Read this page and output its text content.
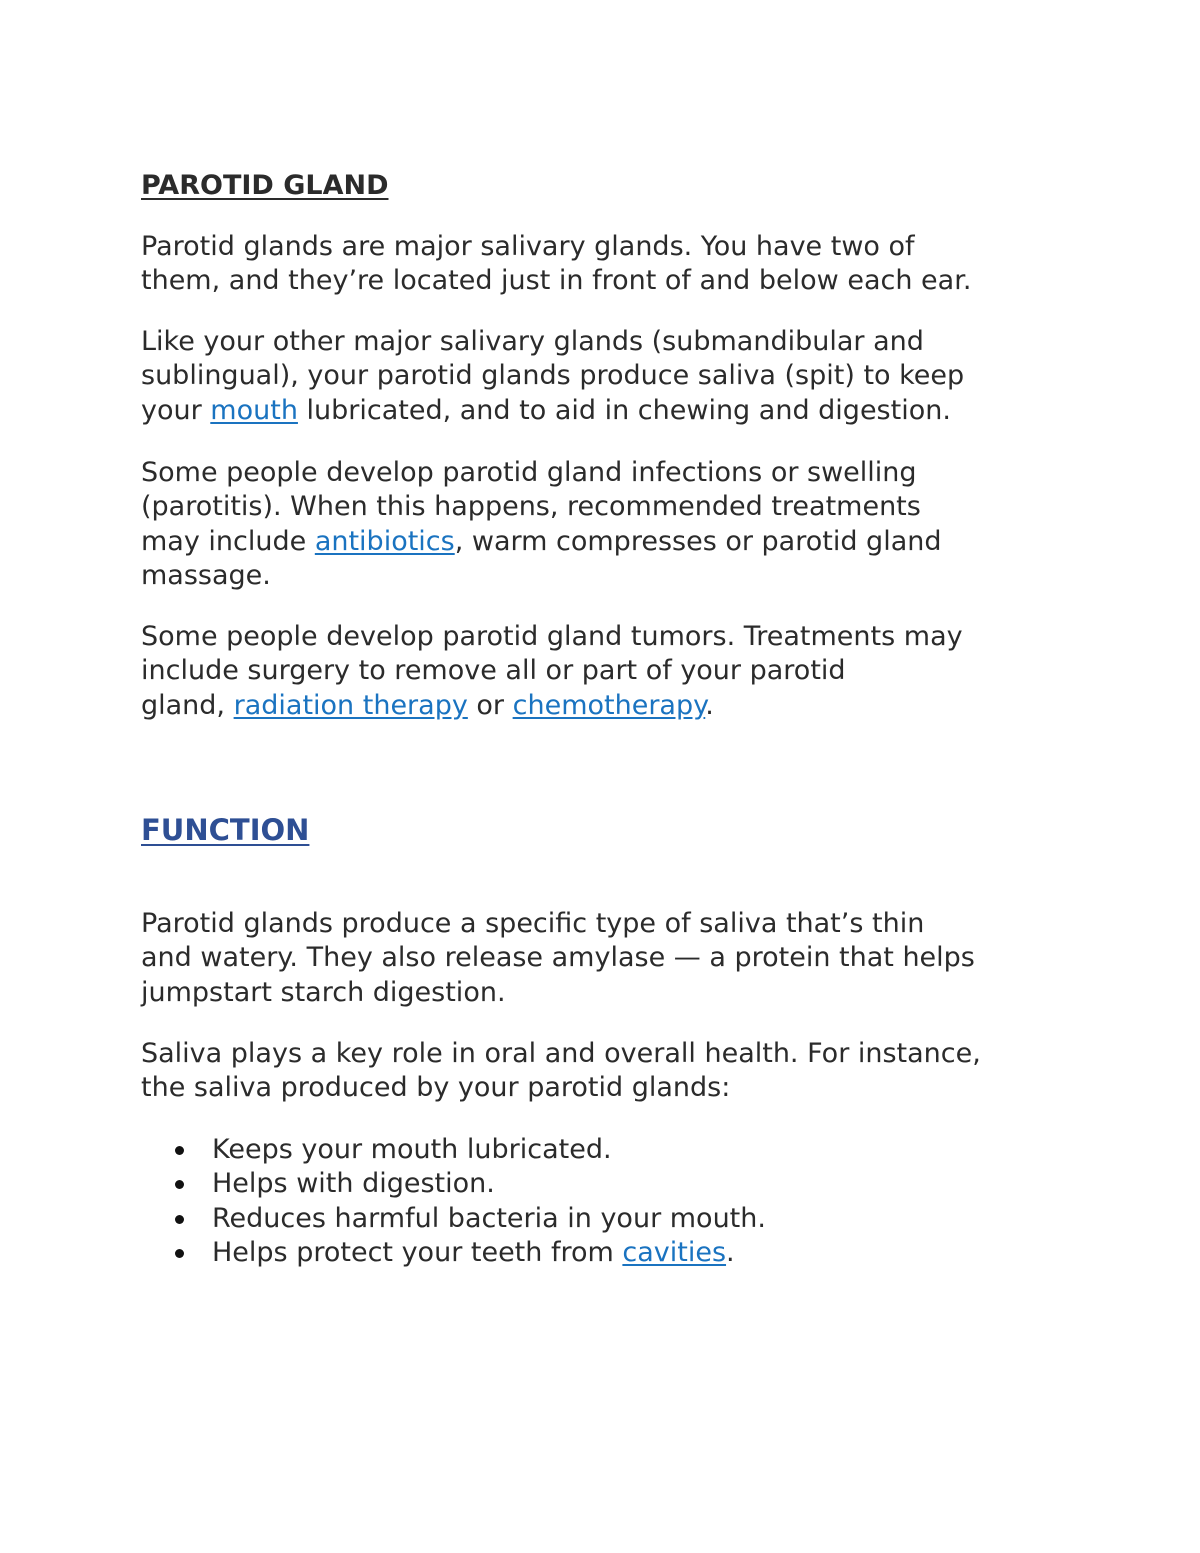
PAROTID GLAND

Parotid glands are major salivary glands. You have two of
them, and they’re located just in front of and below each ear.

Like your other major salivary glands (submandibular and
sublingual), your parotid glands produce saliva (spit) to keep
your mouth lubricated, and to aid in chewing and digestion.

Some people develop parotid gland infections or swelling
(parotitis). When this happens, recommended treatments
may include antibiotics, warm compresses or parotid gland
massage.

Some people develop parotid gland tumors. Treatments may
include surgery to remove all or part of your parotid
gland, radiation therapy or chemotherapy.

FUNCTION

Parotid glands produce a specific type of saliva that’s thin
and watery. They also release amylase — a protein that helps
jumpstart starch digestion.

Saliva plays a key role in oral and overall health. For instance,
the saliva produced by your parotid glands:

Keeps your mouth lubricated.
Helps with digestion.
Reduces harmful bacteria in your mouth.
Helps protect your teeth from cavities.
